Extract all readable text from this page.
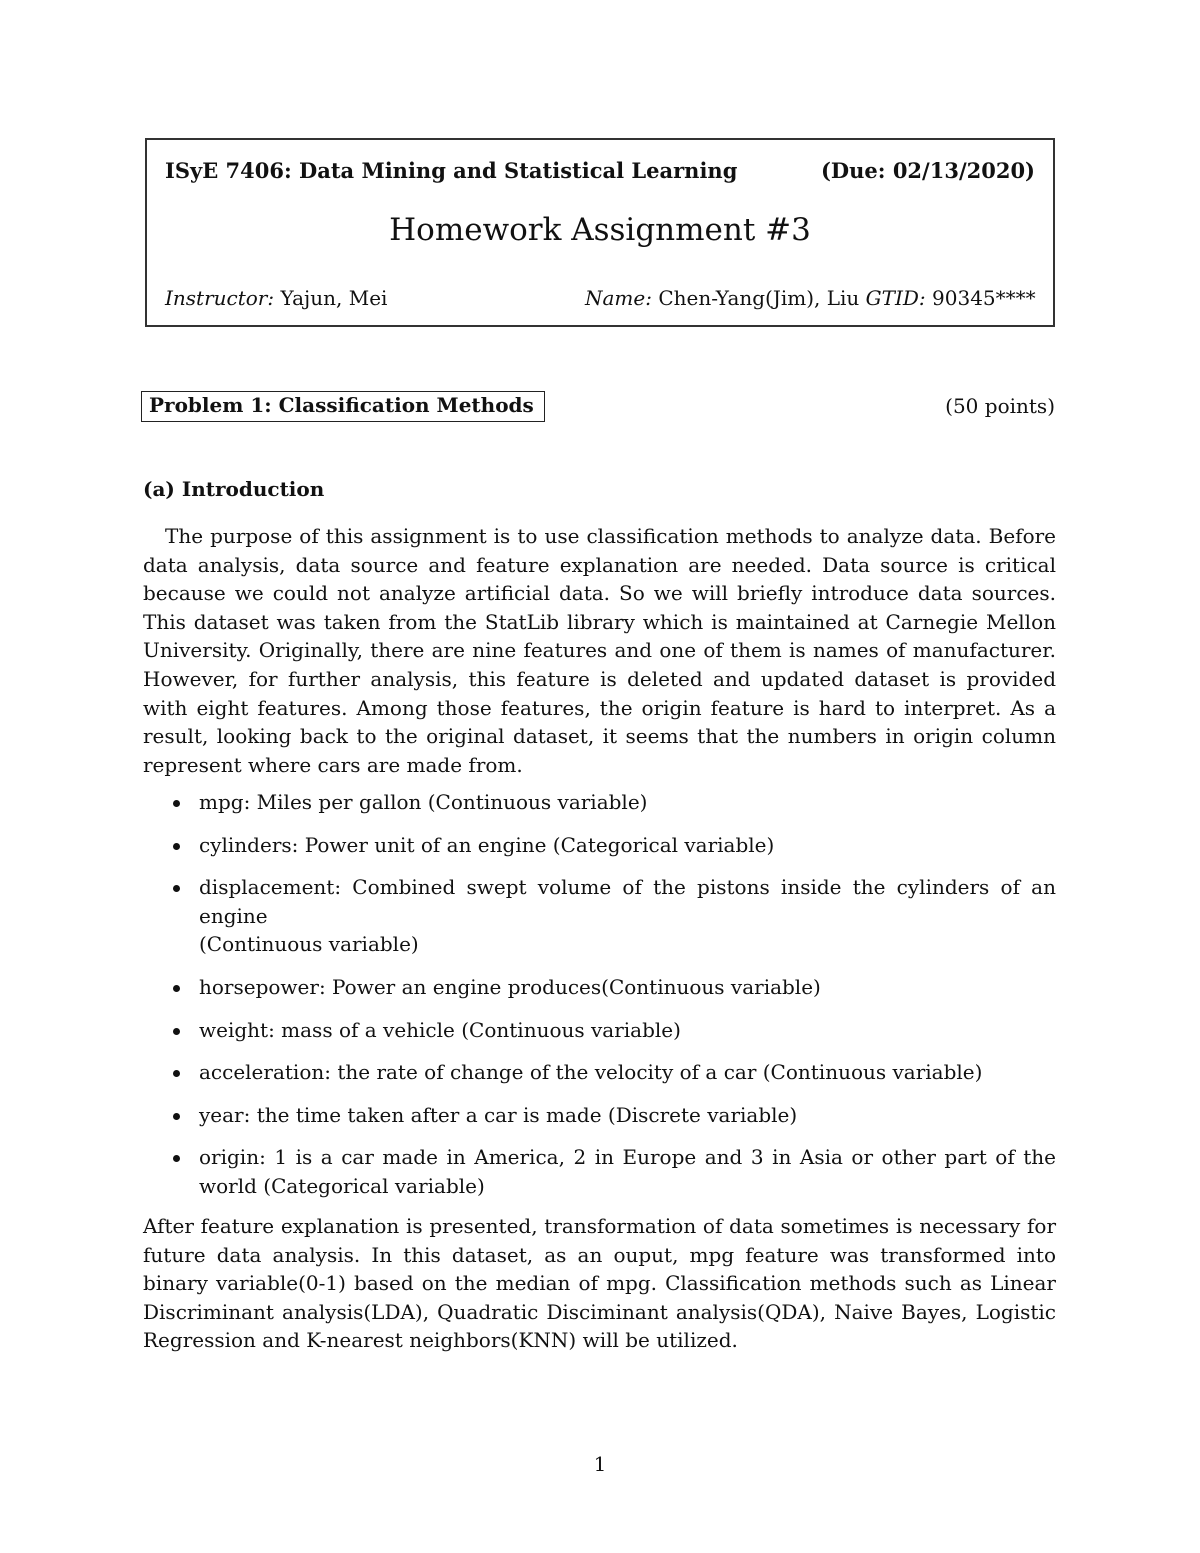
ISyE 7406: Data Mining and Statistical Learning	(Due: 02/13/2020)
Homework Assignment #3
Instructor: Yajun, Mei	Name: Chen-Yang(Jim), Liu GTID: 90345****
Problem 1: Classification Methods	(50 points)
(a) Introduction

The purpose of this assignment is to use classification methods to analyze data. Before data analysis, data source and feature explanation are needed. Data source is critical because we could not analyze artificial data. So we will briefly introduce data sources. This dataset was taken from the StatLib library which is maintained at Carnegie Mellon University. Originally, there are nine features and one of them is names of manufacturer. However, for further analysis, this feature is deleted and updated dataset is provided with eight features. Among those features, the origin feature is hard to interpret. As a result, looking back to the original dataset, it seems that the numbers in origin column represent where cars are made from.

mpg: Miles per gallon (Continuous variable)
cylinders: Power unit of an engine (Categorical variable)
displacement: Combined swept volume of the pistons inside the cylinders of an engine
(Continuous variable)
horsepower: Power an engine produces(Continuous variable)
weight: mass of a vehicle (Continuous variable)
acceleration: the rate of change of the velocity of a car (Continuous variable)
year: the time taken after a car is made (Discrete variable)
origin: 1 is a car made in America, 2 in Europe and 3 in Asia or other part of the world (Categorical variable)

After feature explanation is presented, transformation of data sometimes is necessary for future data analysis. In this dataset, as an ouput, mpg feature was transformed into binary variable(0-1) based on the median of mpg. Classification methods such as Linear Discriminant analysis(LDA), Quadratic Disciminant analysis(QDA), Naive Bayes, Logistic Regression and K-nearest neighbors(KNN) will be utilized.

1
